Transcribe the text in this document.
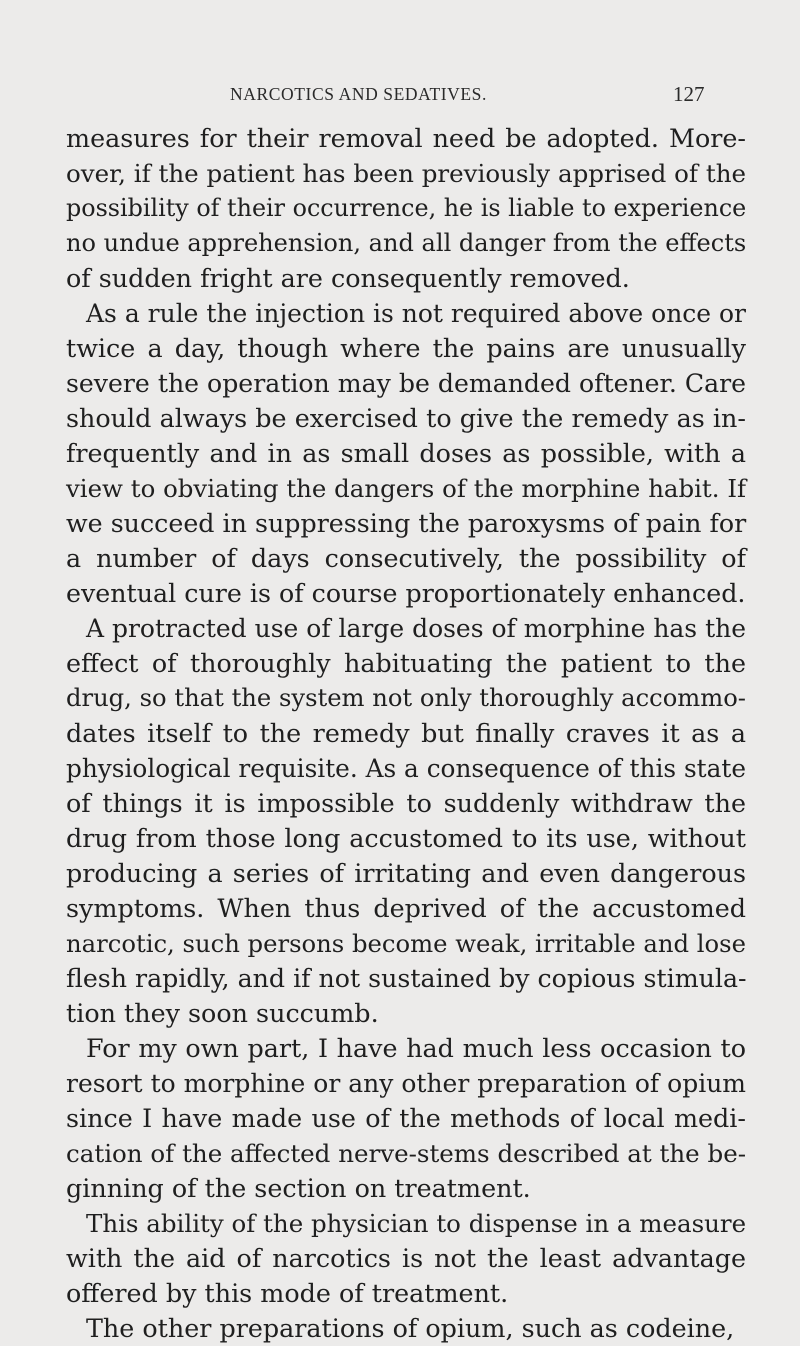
NARCOTICS AND SEDATIVES.	127
measures for their removal need be adopted. More-
over, if the patient has been previously apprised of the
possibility of their occurrence, he is liable to experience
no undue apprehension, and all danger from the effects
of sudden fright are consequently removed.
As a rule the injection is not required above once or
twice a day, though where the pains are unusually
severe the operation may be demanded oftener. Care
should always be exercised to give the remedy as in-
frequently and in as small doses as possible, with a
view to obviating the dangers of the morphine habit. If
we succeed in suppressing the paroxysms of pain for
a number of days consecutively, the possibility of
eventual cure is of course proportionately enhanced.
A protracted use of large doses of morphine has the
effect of thoroughly habituating the patient to the
drug, so that the system not only thoroughly accommo-
dates itself to the remedy but finally craves it as a
physiological requisite. As a consequence of this state
of things it is impossible to suddenly withdraw the
drug from those long accustomed to its use, without
producing a series of irritating and even dangerous
symptoms. When thus deprived of the accustomed
narcotic, such persons become weak, irritable and lose
flesh rapidly, and if not sustained by copious stimula-
tion they soon succumb.
For my own part, I have had much less occasion to
resort to morphine or any other preparation of opium
since I have made use of the methods of local medi-
cation of the affected nerve-stems described at the be-
ginning of the section on treatment.
This ability of the physician to dispense in a measure
with the aid of narcotics is not the least advantage
offered by this mode of treatment.
The other preparations of opium, such as codeine,
